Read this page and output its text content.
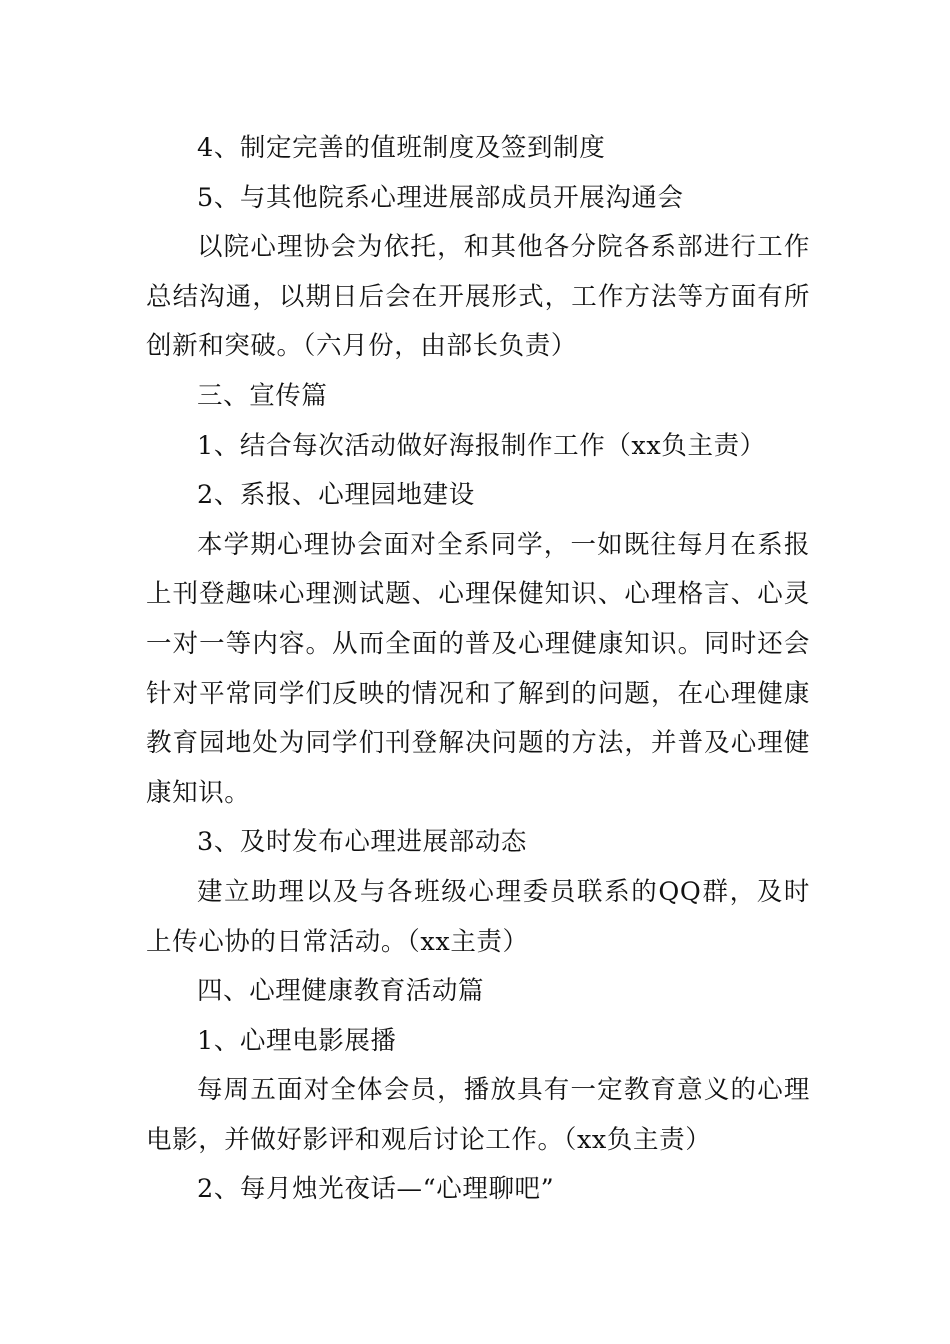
4、制定完善的值班制度及签到制度

5、与其他院系心理进展部成员开展沟通会

以院心理协会为依托，和其他各分院各系部进行工作总结沟通，以期日后会在开展形式，工作方法等方面有所创新和突破。（六月份，由部长负责）

三、宣传篇

1、结合每次活动做好海报制作工作（xx负主责）

2、系报、心理园地建设

本学期心理协会面对全系同学，一如既往每月在系报上刊登趣味心理测试题、心理保健知识、心理格言、心灵一对一等内容。从而全面的普及心理健康知识。同时还会针对平常同学们反映的情况和了解到的问题，在心理健康教育园地处为同学们刊登解决问题的方法，并普及心理健康知识。

3、及时发布心理进展部动态

建立助理以及与各班级心理委员联系的QQ群，及时上传心协的日常活动。（xx主责）

四、心理健康教育活动篇

1、心理电影展播

每周五面对全体会员，播放具有一定教育意义的心理电影，并做好影评和观后讨论工作。（xx负主责）

2、每月烛光夜话—“心理聊吧”
